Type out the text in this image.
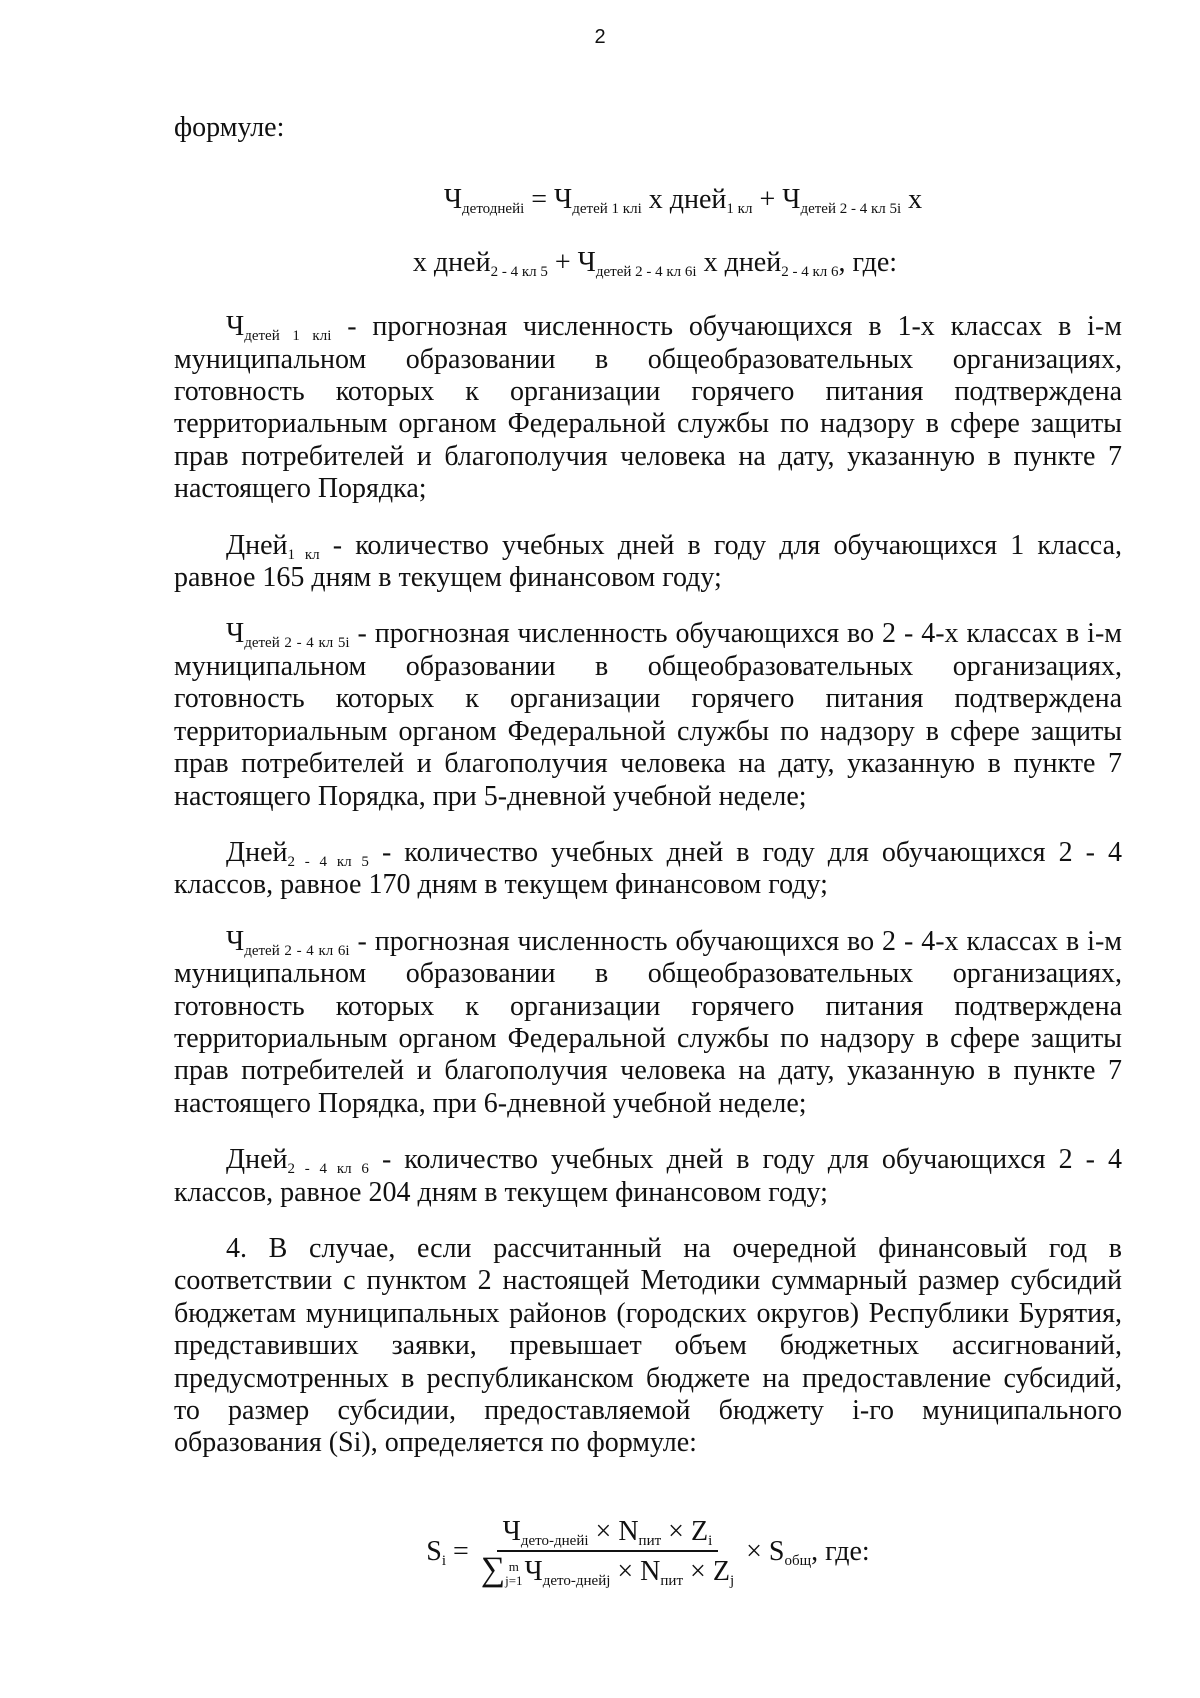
2

формуле:

$Ч_{детоднейi} = Ч_{детей 1 клi}$ х дней$_{1 кл}$ + $Ч_{детей 2 - 4 кл 5i}$ х

х дней$_{2 - 4 кл 5}$ + $Ч_{детей 2 - 4 кл 6i}$ х дней$_{2 - 4 кл 6}$, где:

$Ч_{детей 1 клi}$ - прогнозная численность обучающихся в 1-х классах в i-м муниципальном образовании в общеобразовательных организациях, готовность которых к организации горячего питания подтверждена территориальным органом Федеральной службы по надзору в сфере защиты прав потребителей и благополучия человека на дату, указанную в пункте 7 настоящего Порядка;

Дней$_{1 кл}$ - количество учебных дней в году для обучающихся 1 класса, равное 165 дням в текущем финансовом году;

$Ч_{детей 2 - 4 кл 5i}$ - прогнозная численность обучающихся во 2 - 4-х классах в i-м муниципальном образовании в общеобразовательных организациях, готовность которых к организации горячего питания подтверждена территориальным органом Федеральной службы по надзору в сфере защиты прав потребителей и благополучия человека на дату, указанную в пункте 7 настоящего Порядка, при 5-дневной учебной неделе;

Дней$_{2 - 4 кл 5}$ - количество учебных дней в году для обучающихся 2 - 4 классов, равное 170 дням в текущем финансовом году;

$Ч_{детей 2 - 4 кл 6i}$ - прогнозная численность обучающихся во 2 - 4-х классах в i-м муниципальном образовании в общеобразовательных организациях, готовность которых к организации горячего питания подтверждена территориальным органом Федеральной службы по надзору в сфере защиты прав потребителей и благополучия человека на дату, указанную в пункте 7 настоящего Порядка, при 6-дневной учебной неделе;

Дней$_{2 - 4 кл 6}$ - количество учебных дней в году для обучающихся 2 - 4 классов, равное 204 дням в текущем финансовом году;

4. В случае, если рассчитанный на очередной финансовый год в соответствии с пунктом 2 настоящей Методики суммарный размер субсидий бюджетам муниципальных районов (городских округов) Республики Бурятия, представивших заявки, превышает объем бюджетных ассигнований, предусмотренных в республиканском бюджете на предоставление субсидий, то размер субсидии, предоставляемой бюджету i-го муниципального образования (Si), определяется по формуле:

$S_i = Ч_{дето-днейi} \times N_{пит} \times Z_i$
∑ m
j=1 $Ч_{дето-днейj} \times N_{пит} \times Z_j \times S_{общ}$, где:
